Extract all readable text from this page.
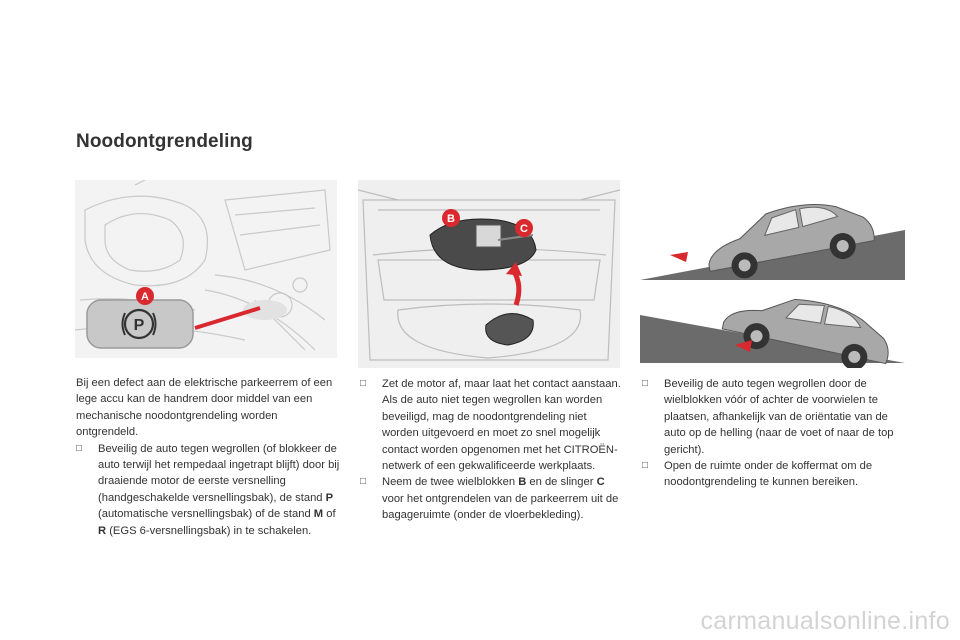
Noodontgrendeling
P
A
B
C

Bij een defect aan de elektrische parkeerrem of een lege accu kan de handrem door middel van een mechanische noodontgrendeling worden ontgrendeld.

□ Beveilig de auto tegen wegrollen (of blokkeer de auto terwijl het rempedaal ingetrapt blijft) door bij draaiende motor de eerste versnelling (handgeschakelde versnellingsbak), de stand P (automatische versnellingsbak) of de stand M of R (EGS 6-versnellingsbak) in te schakelen.
□ Zet de motor af, maar laat het contact aanstaan. Als de auto niet tegen wegrollen kan worden beveiligd, mag de noodontgrendeling niet worden uitgevoerd en moet zo snel mogelijk contact worden opgenomen met het CITROËN-netwerk of een gekwalificeerde werkplaats.
□ Neem de twee wielblokken B en de slinger C voor het ontgrendelen van de parkeerrem uit de bagageruimte (onder de vloerbekleding).
□ Beveilig de auto tegen wegrollen door de wielblokken vóór of achter de voorwielen te plaatsen, afhankelijk van de oriëntatie van de auto op de helling (naar de voet of naar de top gericht).
□ Open de ruimte onder de koffermat om de noodontgrendeling te kunnen bereiken.
carmanualsonline.info
